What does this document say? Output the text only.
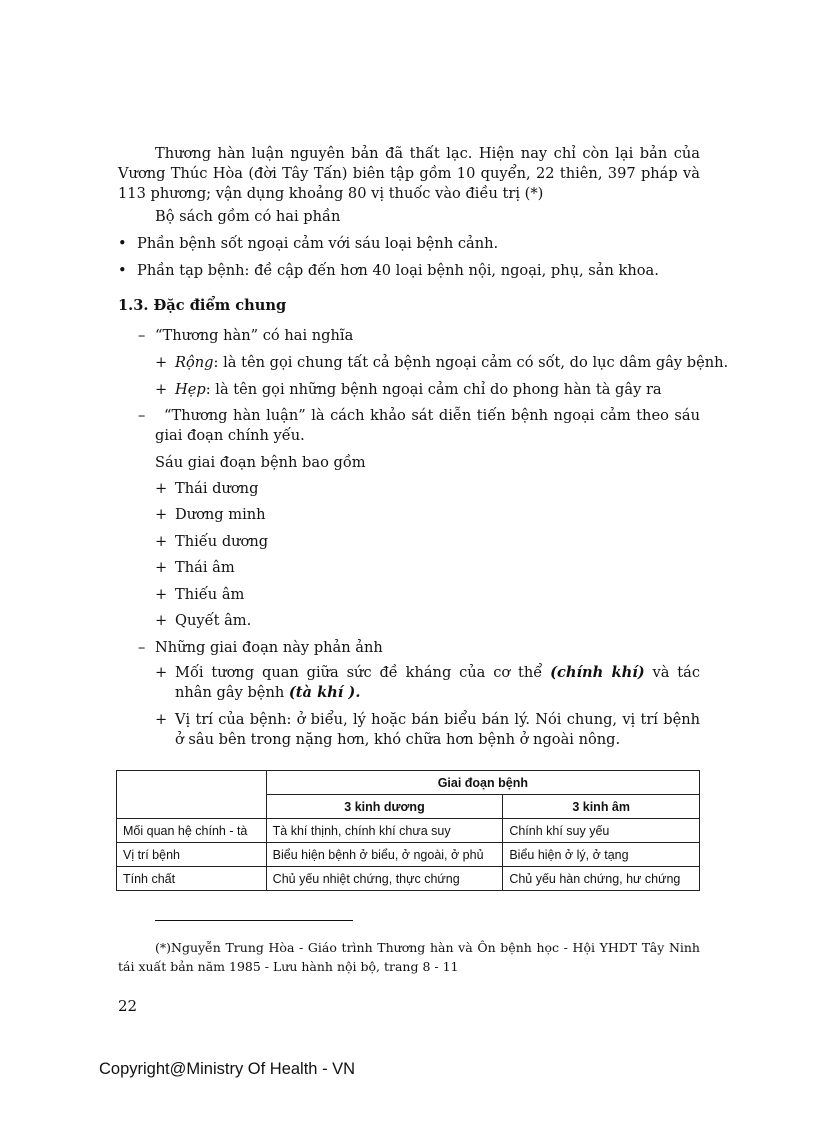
Thương hàn luận nguyên bản đã thất lạc. Hiện nay chỉ còn lại bản của Vương Thúc Hòa (đời Tây Tấn) biên tập gồm 10 quyển, 22 thiên, 397 pháp và 113 phương; vận dụng khoảng 80 vị thuốc vào điều trị (*)
Bộ sách gồm có hai phần
• Phần bệnh sốt ngoại cảm với sáu loại bệnh cảnh.
• Phần tạp bệnh: đề cập đến hơn 40 loại bệnh nội, ngoại, phụ, sản khoa.
1.3. Đặc điểm chung
– “Thương hàn” có hai nghĩa
+ Rộng: là tên gọi chung tất cả bệnh ngoại cảm có sốt, do lục dâm gây bệnh.
+ Hẹp: là tên gọi những bệnh ngoại cảm chỉ do phong hàn tà gây ra
–	“Thương hàn luận” là cách khảo sát diễn tiến bệnh ngoại cảm theo sáu giai đoạn chính yếu.
Sáu giai đoạn bệnh bao gồm
+ Thái dương
+ Dương minh
+ Thiếu dương
+ Thái âm
+ Thiếu âm
+ Quyết âm.
– Những giai đoạn này phản ảnh
+ Mối tương quan giữa sức đề kháng của cơ thể (chính khí) và tác nhân gây bệnh (tà khí ).
+ Vị trí của bệnh: ở biểu, lý hoặc bán biểu bán lý. Nói chung, vị trí bệnh ở sâu bên trong nặng hơn, khó chữa hơn bệnh ở ngoài nông.
	Giai đoạn bệnh	
	3 kinh dương	3 kinh âm
Mối quan hệ chính - tà	Tà khí thịnh, chính khí chưa suy	Chính khí suy yếu
Vị trí bệnh	Biểu hiện bệnh ở biểu, ở ngoài, ở phủ	Biểu hiện ở lý, ở tạng
Tính chất	Chủ yếu nhiệt chứng, thực chứng	Chủ yếu hàn chứng, hư chứng
(*)Nguyễn Trung Hòa - Giáo trình Thương hàn và Ôn bệnh học - Hội YHDT Tây Ninh tái xuất bản năm 1985 - Lưu hành nội bộ, trang 8 - 11
22
Copyright@Ministry Of Health - VN
